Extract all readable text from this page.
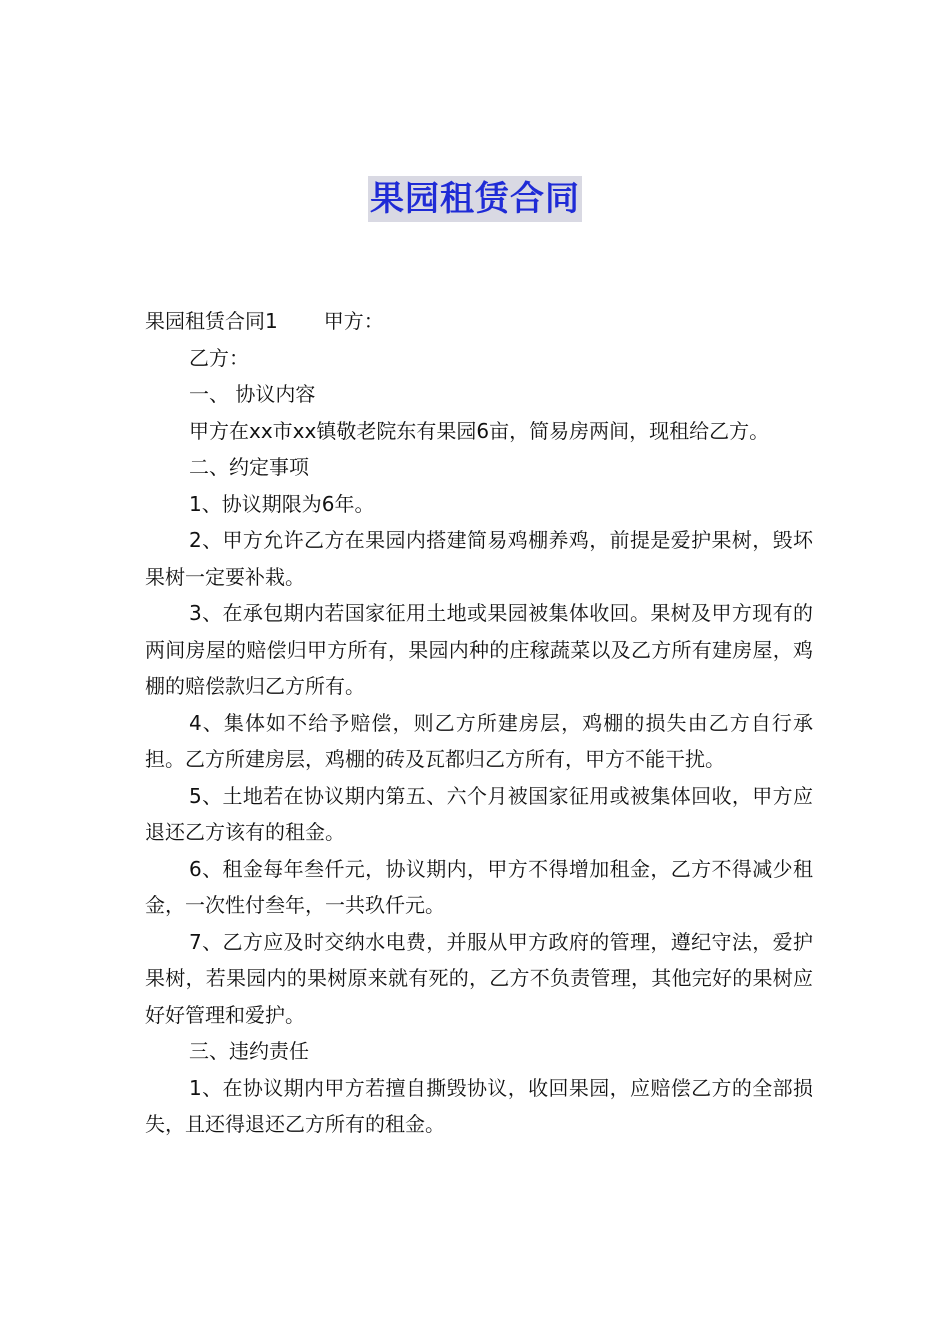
果园租赁合同

果园租赁合同1 甲方：

乙方：

一、 协议内容

甲方在xx市xx镇敬老院东有果园6亩，简易房两间，现租给乙方。

二、约定事项

1、协议期限为6年。

2、甲方允许乙方在果园内搭建简易鸡棚养鸡，前提是爱护果树，毁坏果树一定要补栽。

3、在承包期内若国家征用土地或果园被集体收回。果树及甲方现有的两间房屋的赔偿归甲方所有，果园内种的庄稼蔬菜以及乙方所有建房屋，鸡棚的赔偿款归乙方所有。

4、集体如不给予赔偿，则乙方所建房层，鸡棚的损失由乙方自行承担。乙方所建房层，鸡棚的砖及瓦都归乙方所有，甲方不能干扰。

5、土地若在协议期内第五、六个月被国家征用或被集体回收，甲方应退还乙方该有的租金。

6、租金每年叁仟元，协议期内，甲方不得增加租金，乙方不得减少租金，一次性付叁年，一共玖仟元。

7、乙方应及时交纳水电费，并服从甲方政府的管理，遵纪守法，爱护果树，若果园内的果树原来就有死的，乙方不负责管理，其他完好的果树应好好管理和爱护。

三、违约责任

1、在协议期内甲方若擅自撕毁协议，收回果园，应赔偿乙方的全部损失，且还得退还乙方所有的租金。
